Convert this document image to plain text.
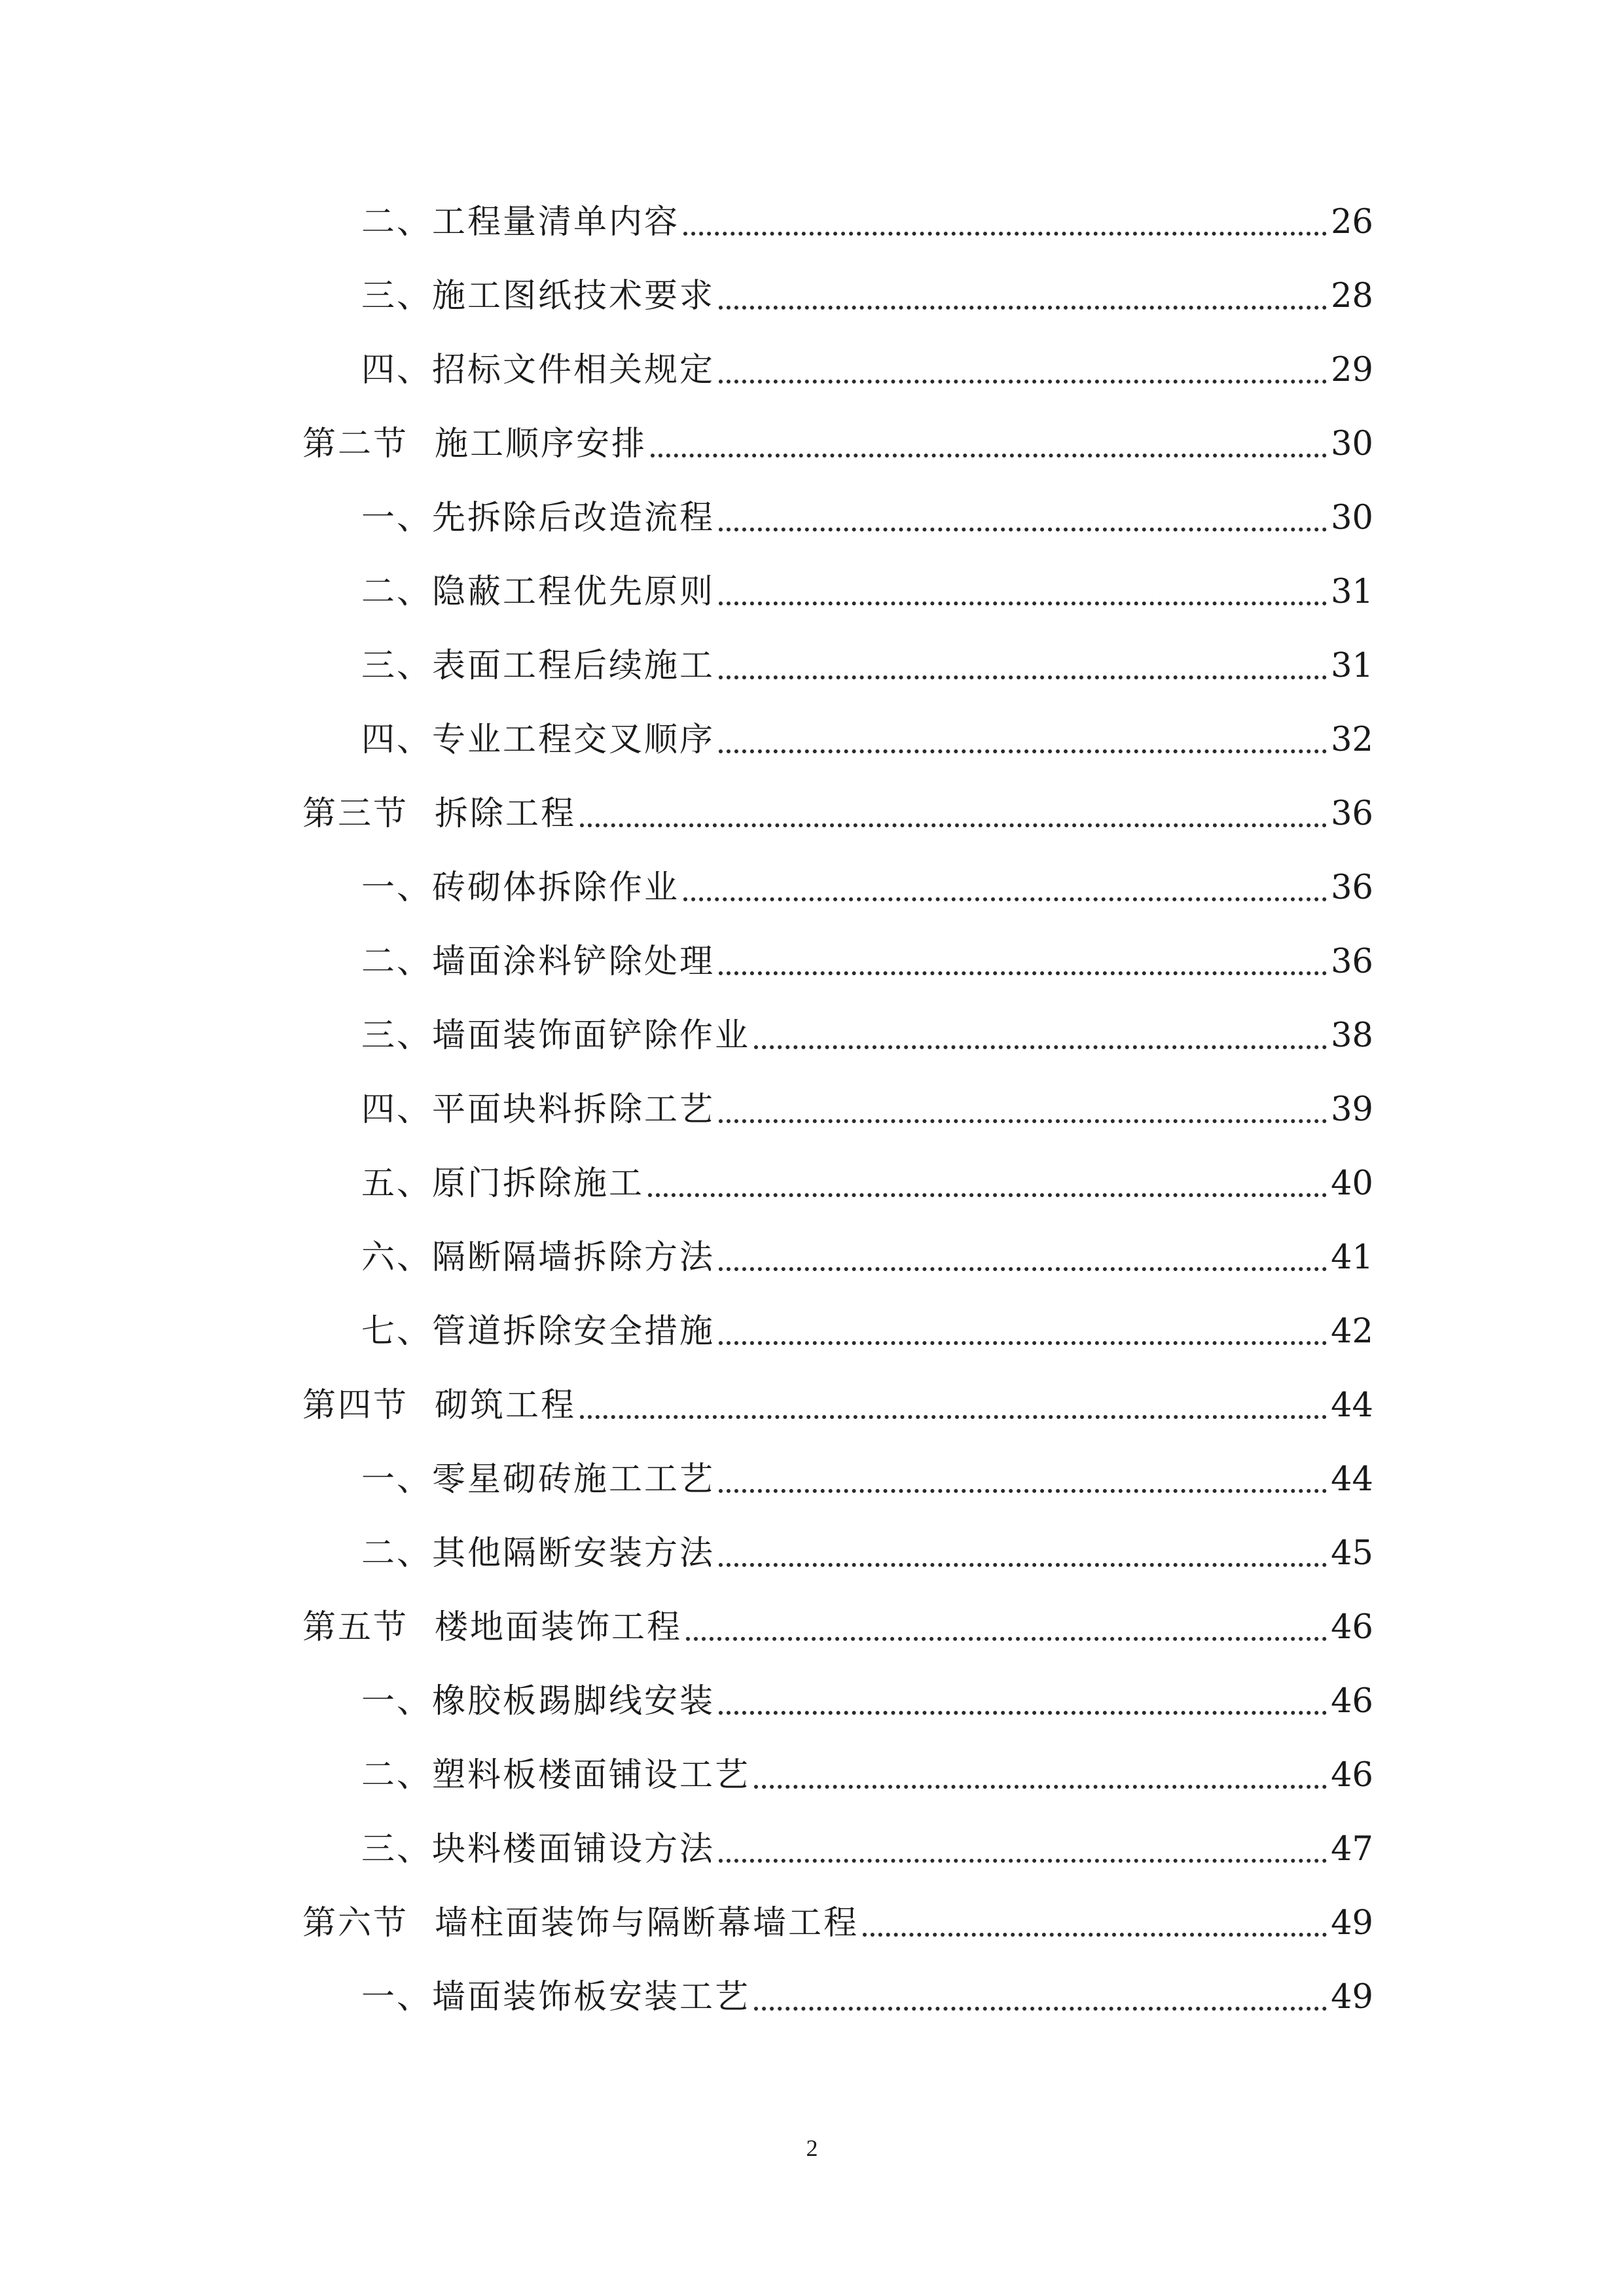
二、 工程量清单内容	26
三、 施工图纸技术要求	28
四、 招标文件相关规定	29
第二节 施工顺序安排	30
一、 先拆除后改造流程	30
二、 隐蔽工程优先原则	31
三、 表面工程后续施工	31
四、 专业工程交叉顺序	32
第三节 拆除工程	36
一、 砖砌体拆除作业	36
二、 墙面涂料铲除处理	36
三、 墙面装饰面铲除作业	38
四、 平面块料拆除工艺	39
五、 原门拆除施工	40
六、 隔断隔墙拆除方法	41
七、 管道拆除安全措施	42
第四节 砌筑工程	44
一、 零星砌砖施工工艺	44
二、 其他隔断安装方法	45
第五节 楼地面装饰工程	46
一、 橡胶板踢脚线安装	46
二、 塑料板楼面铺设工艺	46
三、 块料楼面铺设方法	47
第六节 墙柱面装饰与隔断幕墙工程	49
一、 墙面装饰板安装工艺	49
2
